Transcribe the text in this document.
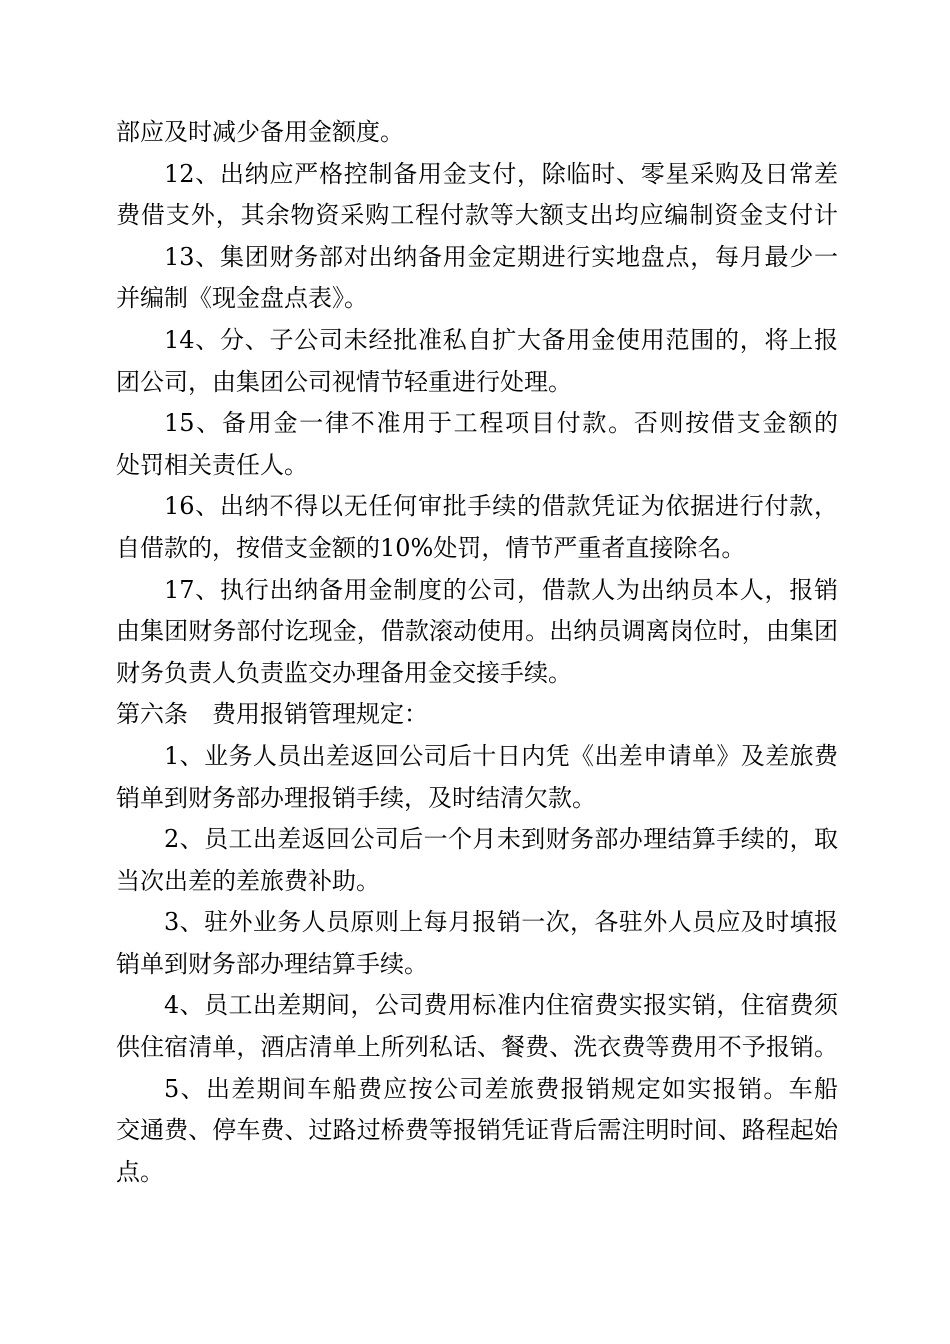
部应及时减少备用金额度。
12、出纳应严格控制备用金支付，除临时、零星采购及日常差
费借支外，其余物资采购工程付款等大额支出均应编制资金支付计
13、集团财务部对出纳备用金定期进行实地盘点，每月最少一
并编制《现金盘点表》。
14、分、子公司未经批准私自扩大备用金使用范围的，将上报
团公司，由集团公司视情节轻重进行处理。
15、备用金一律不准用于工程项目付款。否则按借支金额的
处罚相关责任人。
16、出纳不得以无任何审批手续的借款凭证为依据进行付款，
自借款的，按借支金额的10%处罚，情节严重者直接除名。
17、执行出纳备用金制度的公司，借款人为出纳员本人，报销
由集团财务部付讫现金，借款滚动使用。出纳员调离岗位时，由集团
财务负责人负责监交办理备用金交接手续。
第六条　费用报销管理规定：
1、业务人员出差返回公司后十日内凭《出差申请单》及差旅费
销单到财务部办理报销手续，及时结清欠款。
2、员工出差返回公司后一个月未到财务部办理结算手续的，取
当次出差的差旅费补助。
3、驻外业务人员原则上每月报销一次，各驻外人员应及时填报
销单到财务部办理结算手续。
4、员工出差期间，公司费用标准内住宿费实报实销，住宿费须
供住宿清单，酒店清单上所列私话、餐费、洗衣费等费用不予报销。
5、出差期间车船费应按公司差旅费报销规定如实报销。车船
交通费、停车费、过路过桥费等报销凭证背后需注明时间、路程起始
点。
